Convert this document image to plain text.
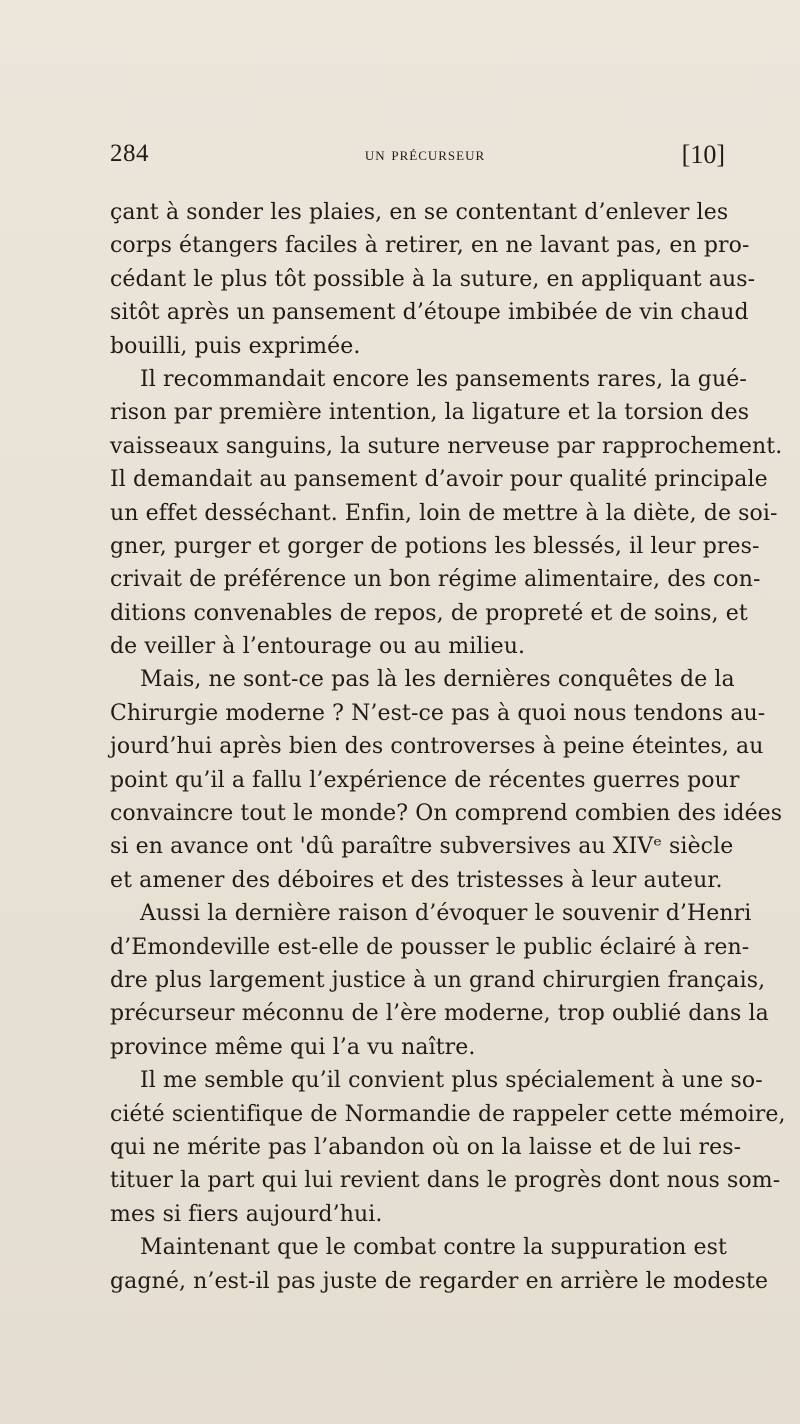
284	un précurseur	[10]
çant à sonder les plaies, en se contentant d’enlever les
corps étangers faciles à retirer, en ne lavant pas, en pro-
cédant le plus tôt possible à la suture, en appliquant aus-
sitôt après un pansement d’étoupe imbibée de vin chaud
bouilli, puis exprimée.
Il recommandait encore les pansements rares, la gué-
rison par première intention, la ligature et la torsion des
vaisseaux sanguins, la suture nerveuse par rapprochement.
Il demandait au pansement d’avoir pour qualité principale
un effet desséchant. Enfin, loin de mettre à la diète, de soi-
gner, purger et gorger de potions les blessés, il leur pres-
crivait de préférence un bon régime alimentaire, des con-
ditions convenables de repos, de propreté et de soins, et
de veiller à l’entourage ou au milieu.
Mais, ne sont-ce pas là les dernières conquêtes de la
Chirurgie moderne ? N’est-ce pas à quoi nous tendons au-
jourd’hui après bien des controverses à peine éteintes, au
point qu’il a fallu l’expérience de récentes guerres pour
convaincre tout le monde? On comprend combien des idées
si en avance ont 'dû paraître subversives au XIVᵉ siècle
et amener des déboires et des tristesses à leur auteur.
Aussi la dernière raison d’évoquer le souvenir d’Henri
d’Emondeville est-elle de pousser le public éclairé à ren-
dre plus largement justice à un grand chirurgien français,
précurseur méconnu de l’ère moderne, trop oublié dans la
province même qui l’a vu naître.
Il me semble qu’il convient plus spécialement à une so-
ciété scientifique de Normandie de rappeler cette mémoire,
qui ne mérite pas l’abandon où on la laisse et de lui res-
tituer la part qui lui revient dans le progrès dont nous som-
mes si fiers aujourd’hui.
Maintenant que le combat contre la suppuration est
gagné, n’est-il pas juste de regarder en arrière le modeste
